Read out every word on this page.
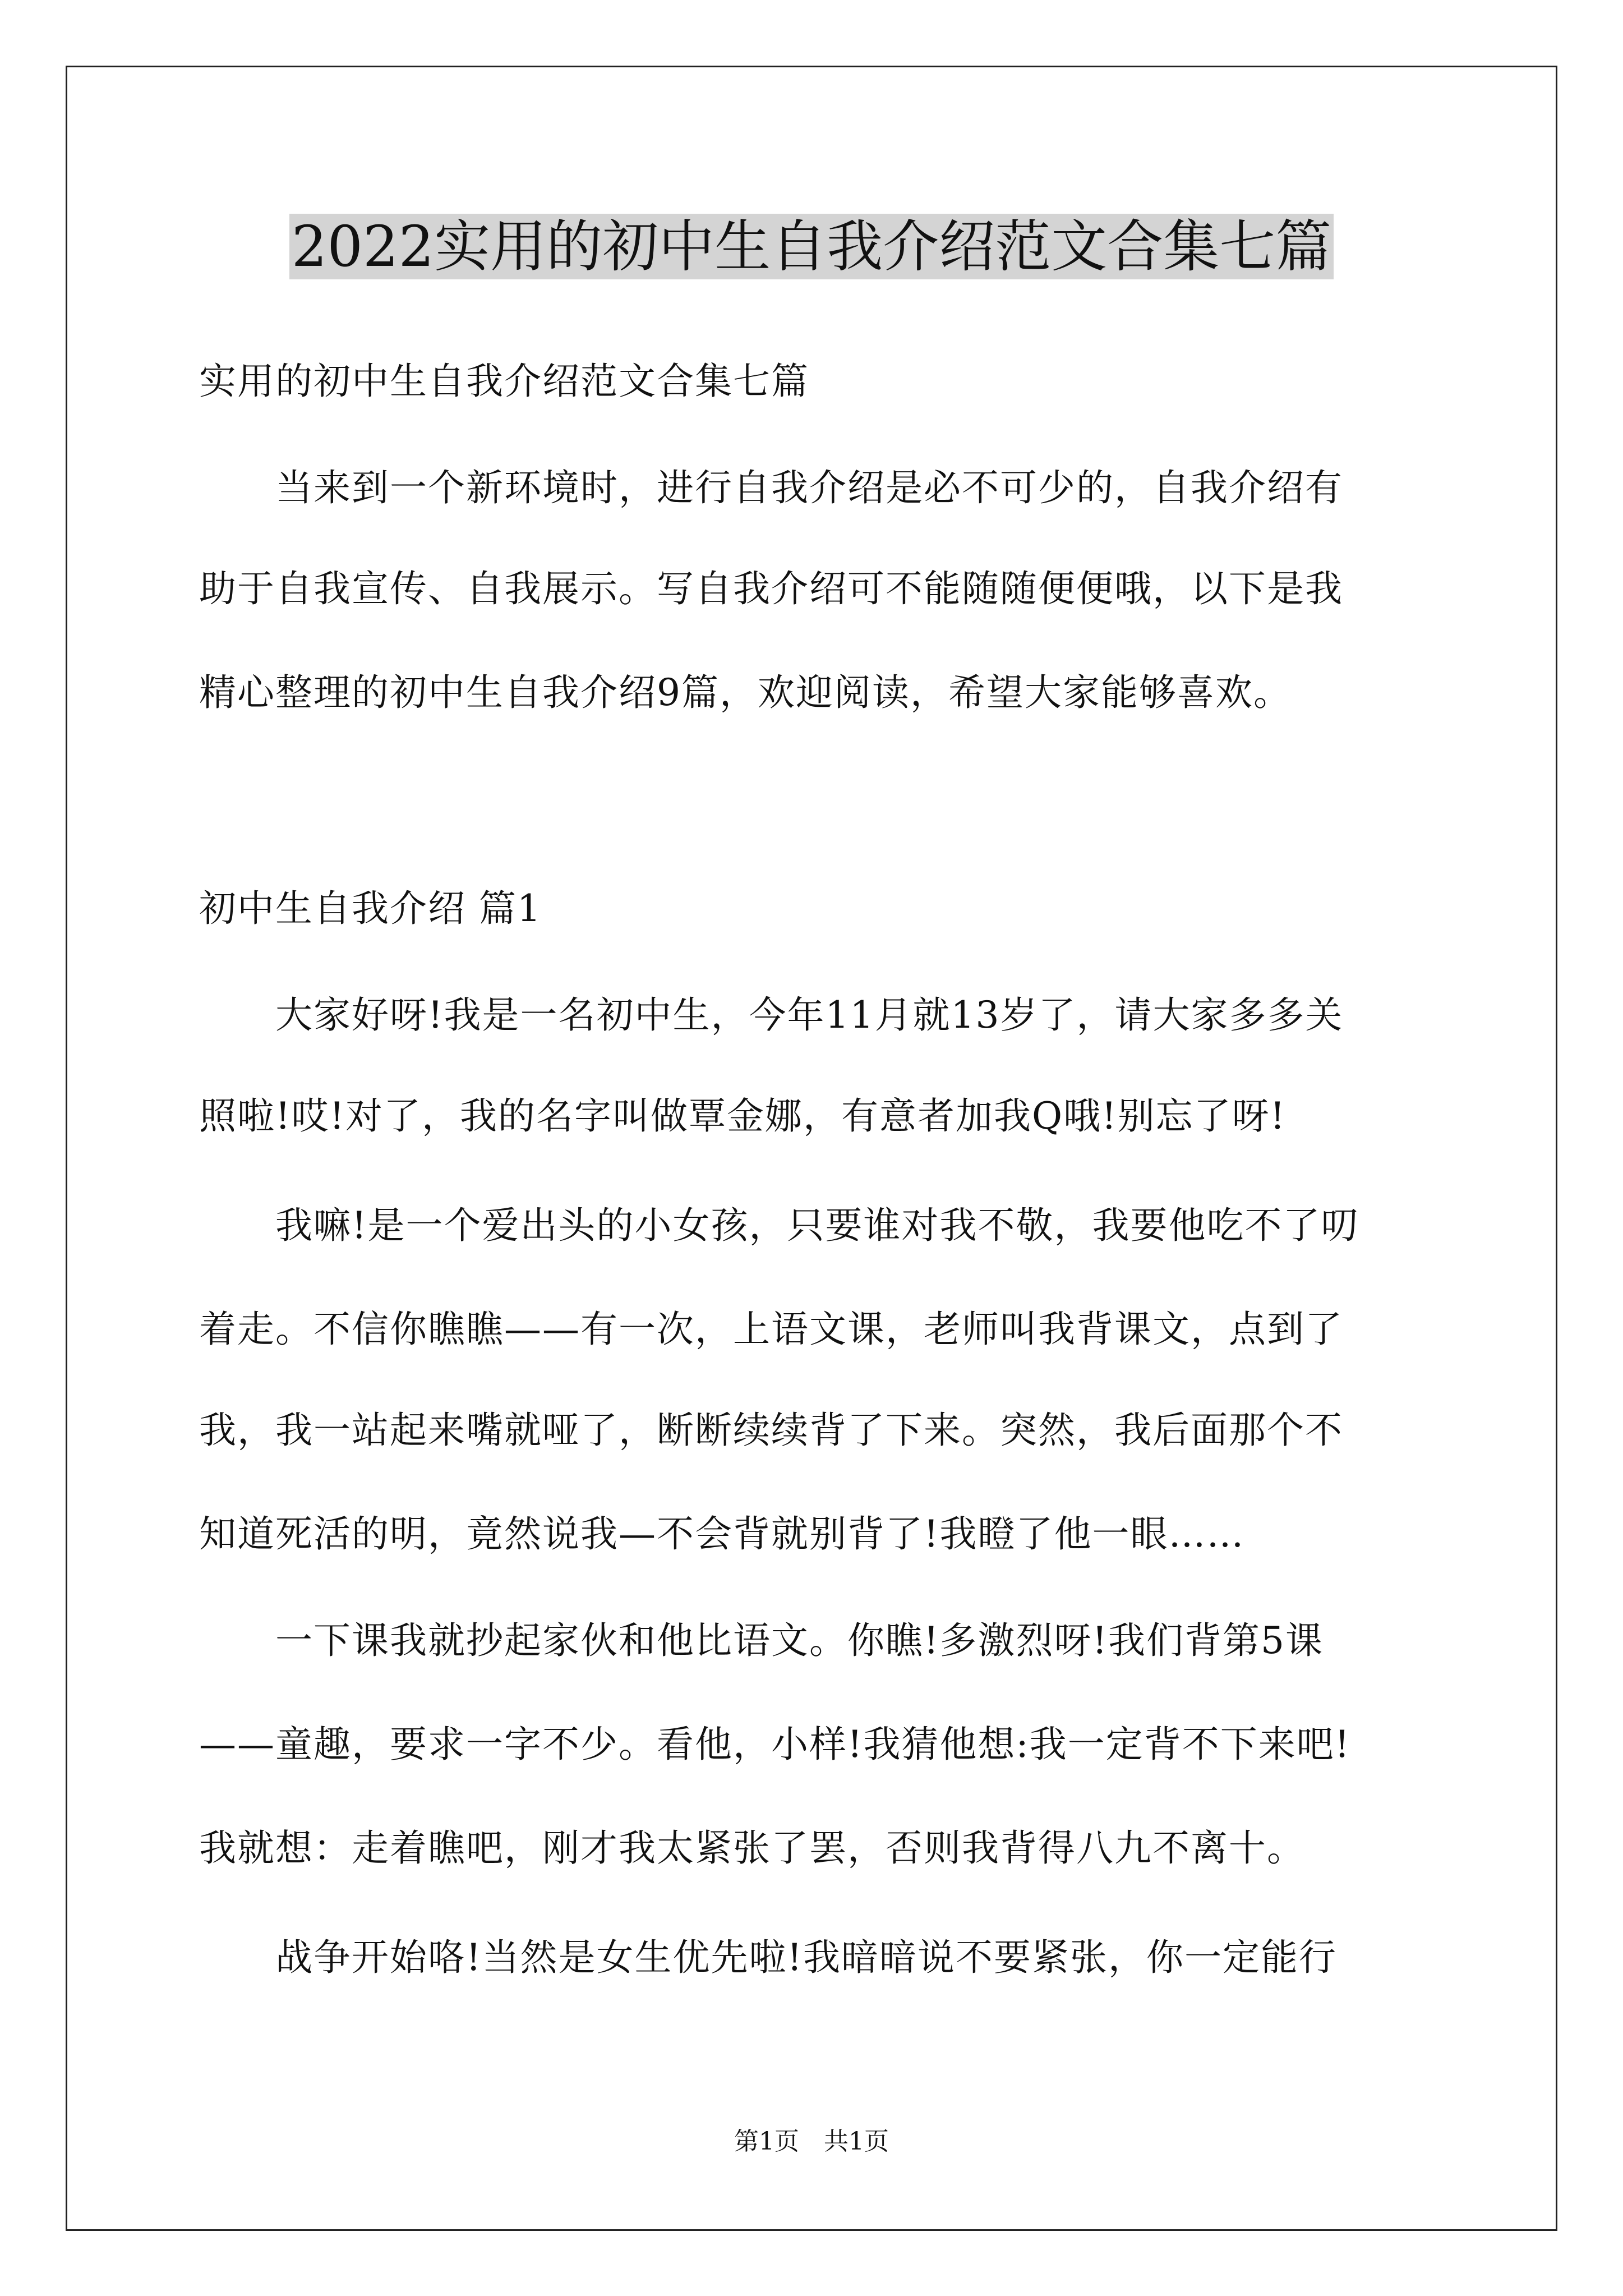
2022实用的初中生自我介绍范文合集七篇
实用的初中生自我介绍范文合集七篇
　　当来到一个新环境时，进行自我介绍是必不可少的，自我介绍有
助于自我宣传、自我展示。写自我介绍可不能随随便便哦，以下是我
精心整理的初中生自我介绍9篇，欢迎阅读，希望大家能够喜欢。
初中生自我介绍 篇1
　　大家好呀!我是一名初中生，今年11月就13岁了，请大家多多关
照啦!哎!对了，我的名字叫做覃金娜，有意者加我Q哦!别忘了呀!
　　我嘛!是一个爱出头的小女孩，只要谁对我不敬，我要他吃不了叨
着走。不信你瞧瞧——有一次，上语文课，老师叫我背课文，点到了
我，我一站起来嘴就哑了，断断续续背了下来。突然，我后面那个不
知道死活的明，竟然说我—不会背就别背了!我瞪了他一眼……
　　一下课我就抄起家伙和他比语文。你瞧!多激烈呀!我们背第5课
——童趣，要求一字不少。看他，小样!我猜他想:我一定背不下来吧!
我就想：走着瞧吧，刚才我太紧张了罢，否则我背得八九不离十。
　　战争开始咯!当然是女生优先啦!我暗暗说不要紧张，你一定能行
第1页　共1页
